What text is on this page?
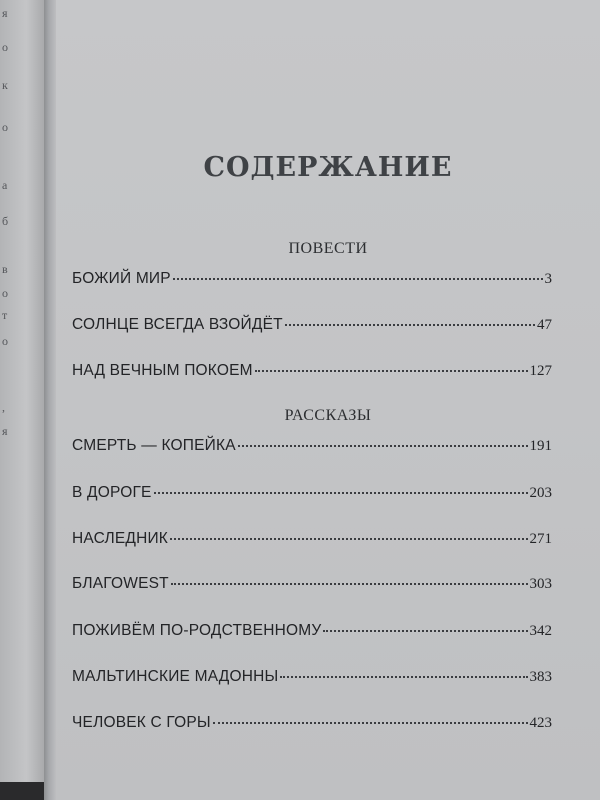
я
о
к
о
а
б
в
о
т
о
,
я
СОДЕРЖАНИЕ
ПОВЕСТИ
БОЖИЙ МИР	3
СОЛНЦЕ ВСЕГДА ВЗОЙДЁТ	47
НАД ВЕЧНЫМ ПОКОЕМ	127
РАССКАЗЫ
СМЕРТЬ — КОПЕЙКА	191
В ДОРОГЕ	203
НАСЛЕДНИК	271
БЛАГОWEST	303
ПОЖИВЁМ ПО-РОДСТВЕННОМУ	342
МАЛЬТИНСКИЕ МАДОННЫ	383
ЧЕЛОВЕК С ГОРЫ	423
